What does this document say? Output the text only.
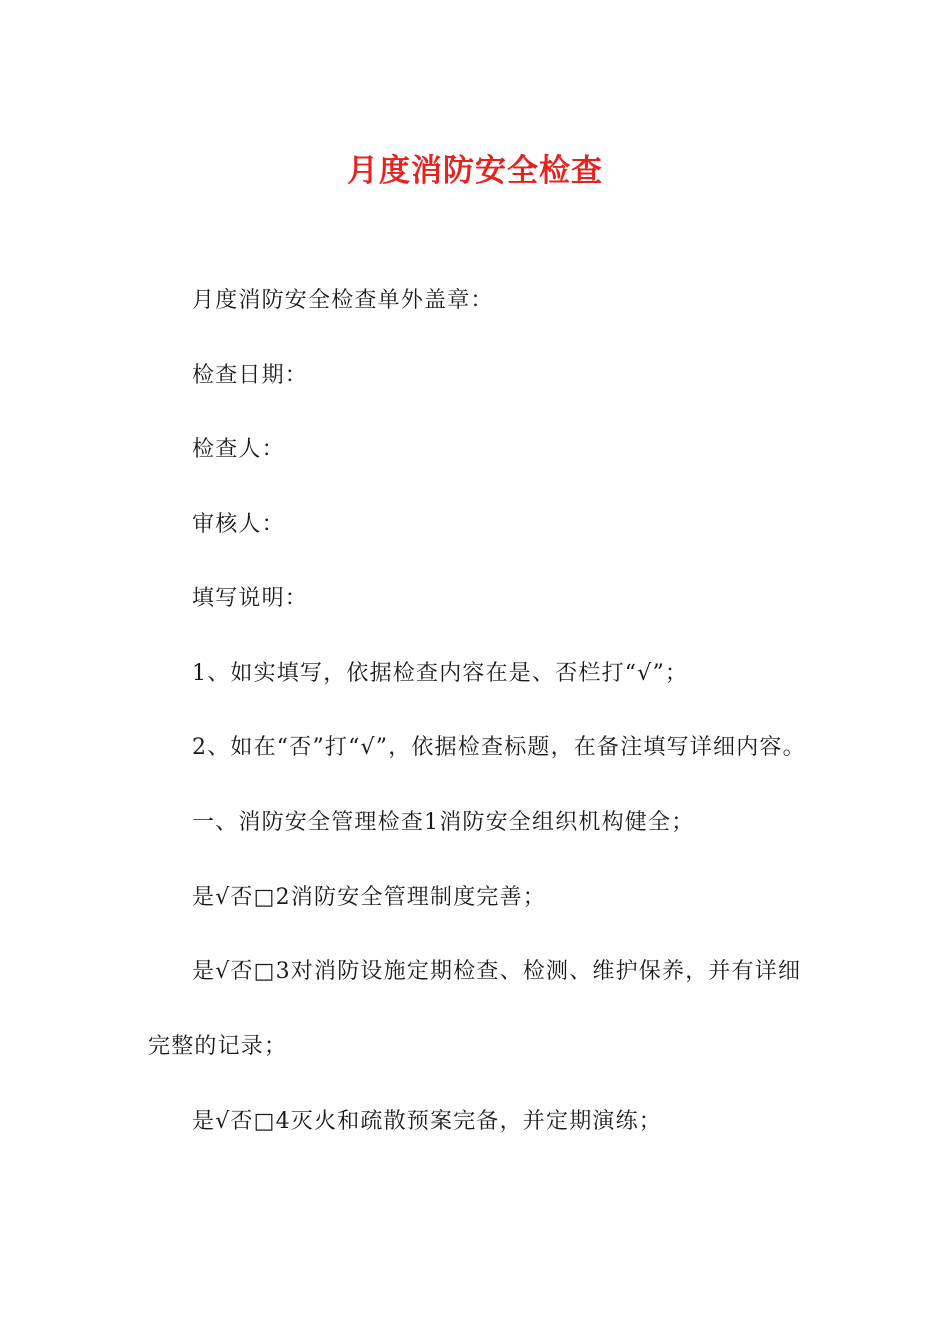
月度消防安全检查

月度消防安全检查单外盖章：

检查日期：

检查人：

审核人：

填写说明：

1、如实填写，依据检查内容在是、否栏打“√”；

2、如在“否”打“√”，依据检查标题，在备注填写详细内容。

一、消防安全管理检查1消防安全组织机构健全；

是√否□2消防安全管理制度完善；

是√否□3对消防设施定期检查、检测、维护保养，并有详细完整的记录；

是√否□4灭火和疏散预案完备，并定期演练；
